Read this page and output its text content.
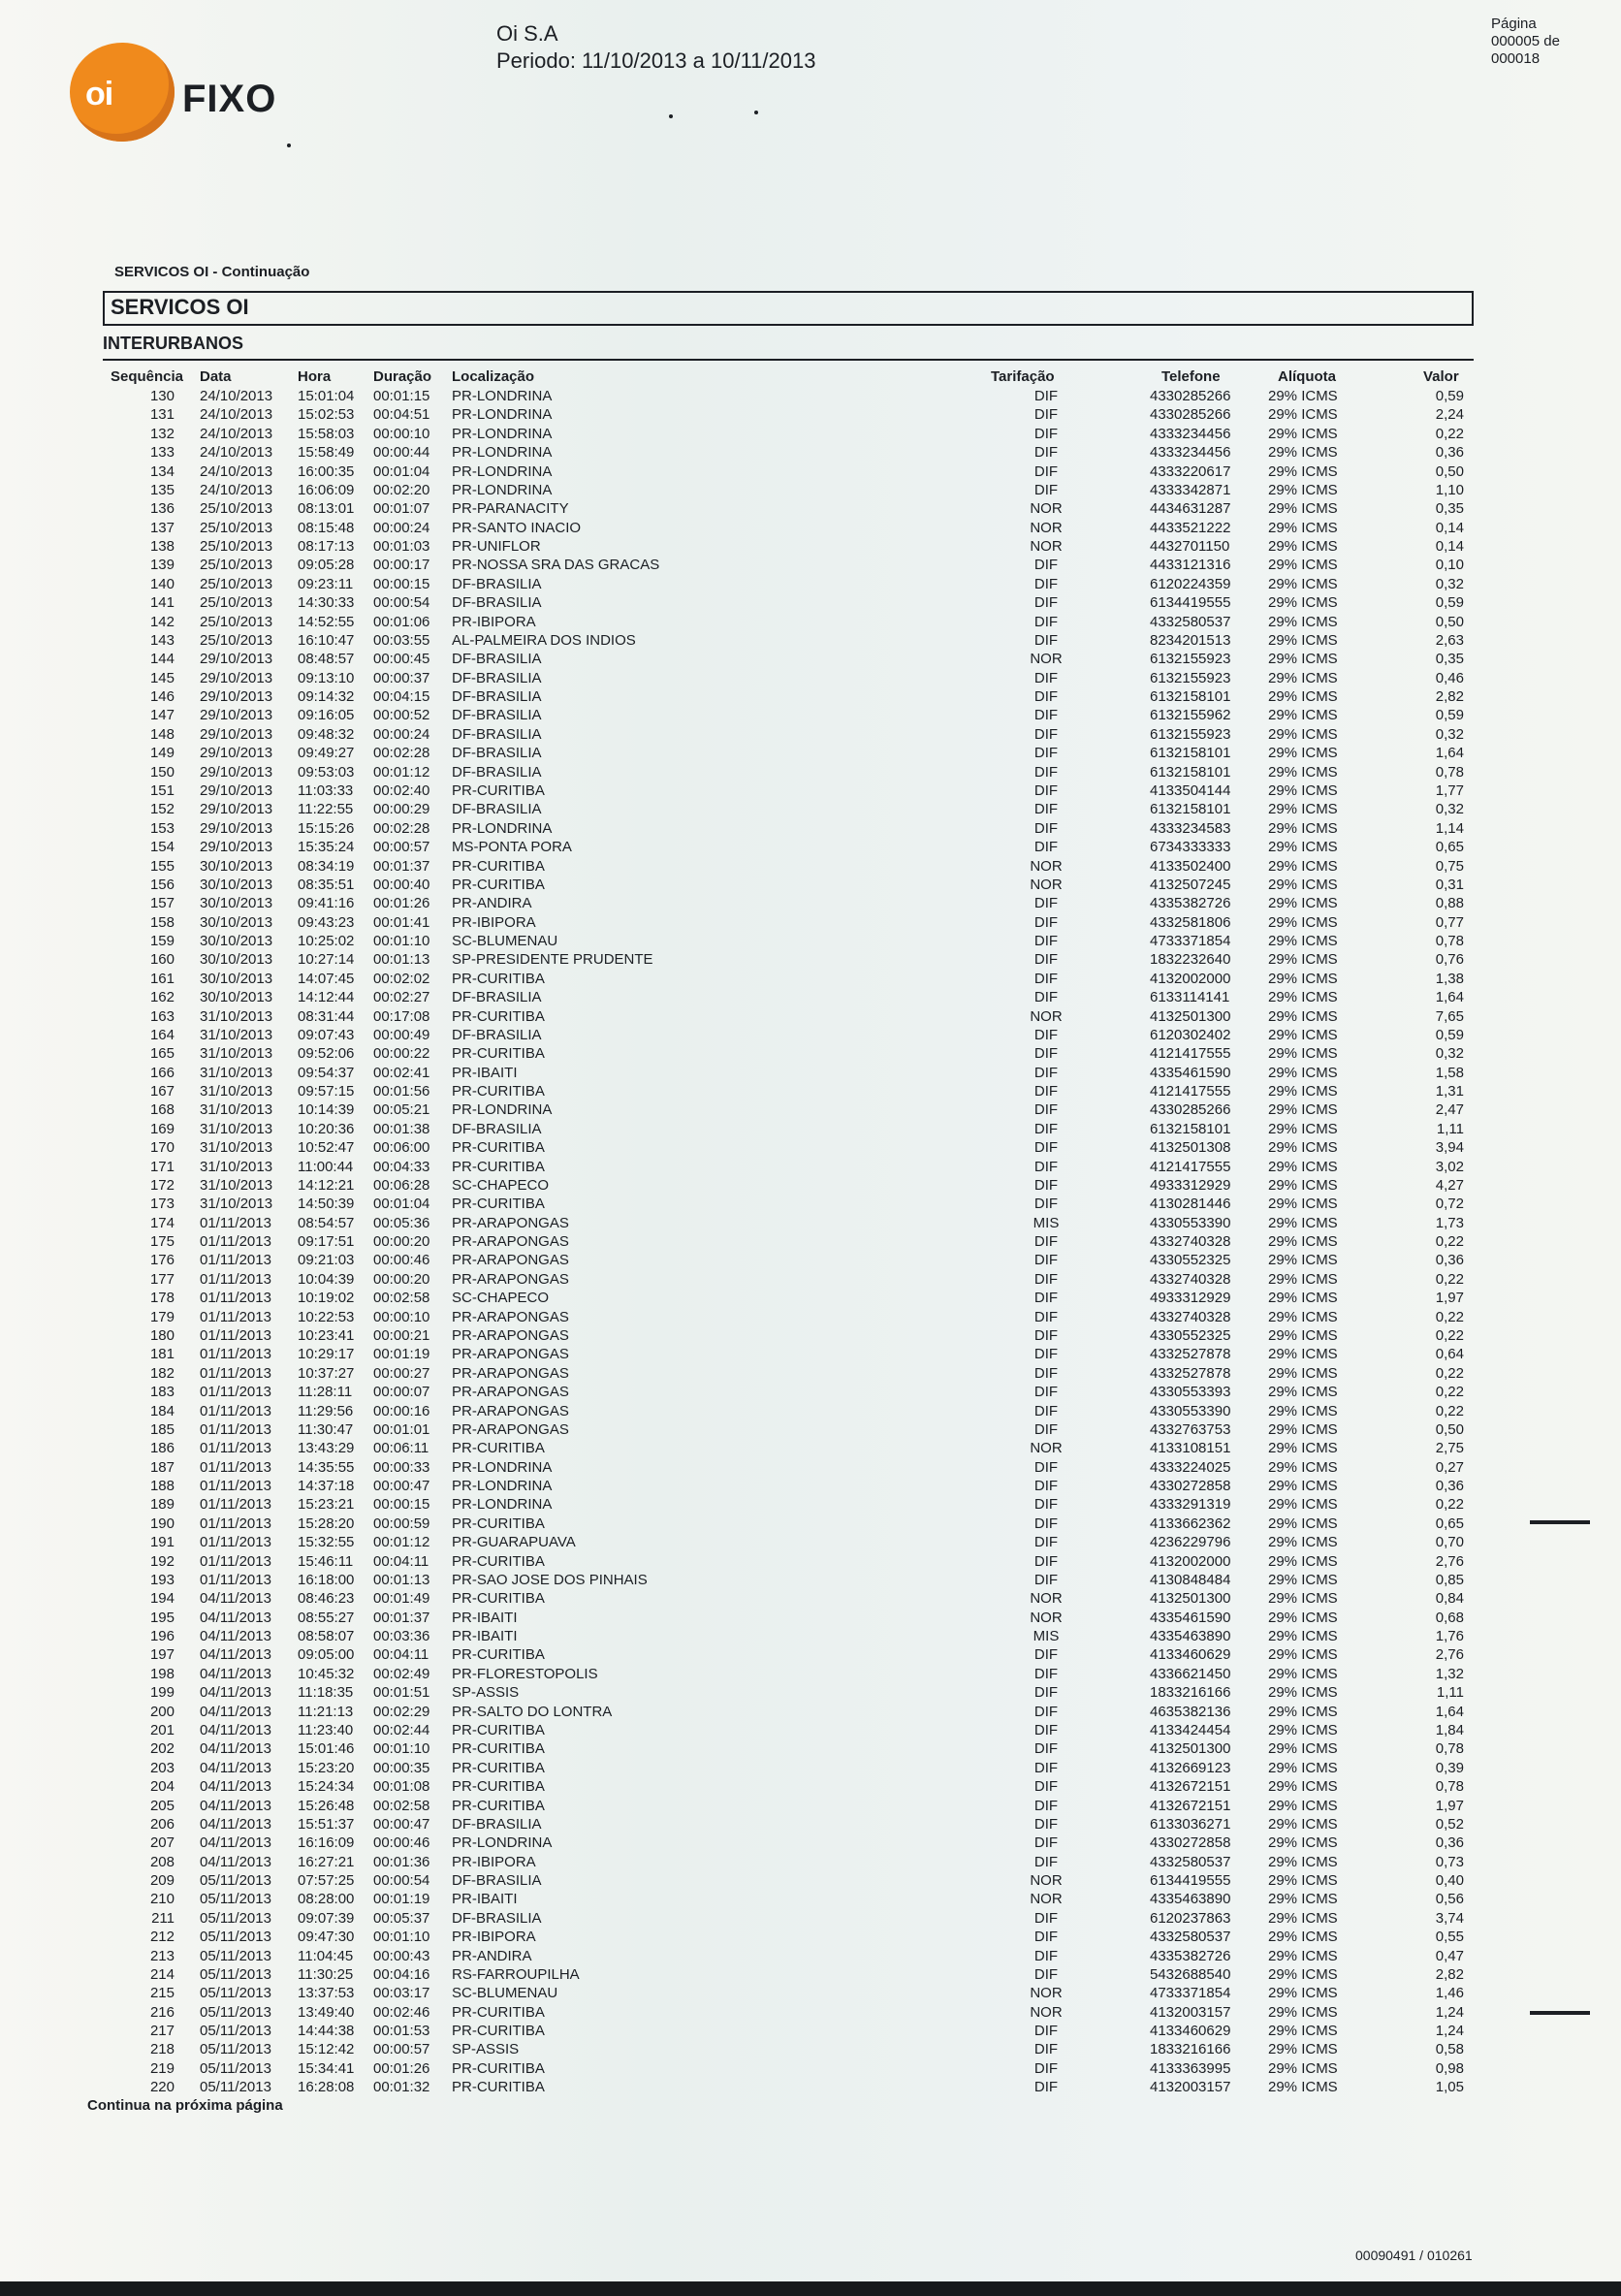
oi FIXO
Oi S.A
Periodo: 11/10/2013 a 10/11/2013
Página
000005 de
000018
SERVICOS OI - Continuação
SERVICOS OI
INTERURBANOS
Sequência Data	Hora	Duração Localização	Tarifação	Telefone	Alíquota	Valor
130 24/10/2013 15:01:04 00:01:15 PR-LONDRINA	DIF	4330285266	29% ICMS	0,59
131 24/10/2013 15:02:53 00:04:51 PR-LONDRINA	DIF	4330285266	29% ICMS	2,24
132 24/10/2013 15:58:03 00:00:10 PR-LONDRINA	DIF	4333234456	29% ICMS	0,22
133 24/10/2013 15:58:49 00:00:44 PR-LONDRINA	DIF	4333234456	29% ICMS	0,36
134 24/10/2013 16:00:35 00:01:04 PR-LONDRINA	DIF	4333220617	29% ICMS	0,50
135 24/10/2013 16:06:09 00:02:20 PR-LONDRINA	DIF	4333342871	29% ICMS	1,10
136 25/10/2013 08:13:01 00:01:07 PR-PARANACITY	NOR	4434631287	29% ICMS	0,35
137 25/10/2013 08:15:48 00:00:24 PR-SANTO INACIO	NOR	4433521222	29% ICMS	0,14
138 25/10/2013 08:17:13 00:01:03 PR-UNIFLOR	NOR	4432701150	29% ICMS	0,14
139 25/10/2013 09:05:28 00:00:17 PR-NOSSA SRA DAS GRACAS	DIF	4433121316	29% ICMS	0,10
140 25/10/2013 09:23:11 00:00:15 DF-BRASILIA	DIF	6120224359	29% ICMS	0,32
141 25/10/2013 14:30:33 00:00:54 DF-BRASILIA	DIF	6134419555	29% ICMS	0,59
142 25/10/2013 14:52:55 00:01:06 PR-IBIPORA	DIF	4332580537	29% ICMS	0,50
143 25/10/2013 16:10:47 00:03:55 AL-PALMEIRA DOS INDIOS	DIF	8234201513	29% ICMS	2,63
144 29/10/2013 08:48:57 00:00:45 DF-BRASILIA	NOR	6132155923	29% ICMS	0,35
145 29/10/2013 09:13:10 00:00:37 DF-BRASILIA	DIF	6132155923	29% ICMS	0,46
146 29/10/2013 09:14:32 00:04:15 DF-BRASILIA	DIF	6132158101	29% ICMS	2,82
147 29/10/2013 09:16:05 00:00:52 DF-BRASILIA	DIF	6132155962	29% ICMS	0,59
148 29/10/2013 09:48:32 00:00:24 DF-BRASILIA	DIF	6132155923	29% ICMS	0,32
149 29/10/2013 09:49:27 00:02:28 DF-BRASILIA	DIF	6132158101	29% ICMS	1,64
150 29/10/2013 09:53:03 00:01:12 DF-BRASILIA	DIF	6132158101	29% ICMS	0,78
151 29/10/2013 11:03:33 00:02:40 PR-CURITIBA	DIF	4133504144	29% ICMS	1,77
152 29/10/2013 11:22:55 00:00:29 DF-BRASILIA	DIF	6132158101	29% ICMS	0,32
153 29/10/2013 15:15:26 00:02:28 PR-LONDRINA	DIF	4333234583	29% ICMS	1,14
154 29/10/2013 15:35:24 00:00:57 MS-PONTA PORA	DIF	6734333333	29% ICMS	0,65
155 30/10/2013 08:34:19 00:01:37 PR-CURITIBA	NOR	4133502400	29% ICMS	0,75
156 30/10/2013 08:35:51 00:00:40 PR-CURITIBA	NOR	4132507245	29% ICMS	0,31
157 30/10/2013 09:41:16 00:01:26 PR-ANDIRA	DIF	4335382726	29% ICMS	0,88
158 30/10/2013 09:43:23 00:01:41 PR-IBIPORA	DIF	4332581806	29% ICMS	0,77
159 30/10/2013 10:25:02 00:01:10 SC-BLUMENAU	DIF	4733371854	29% ICMS	0,78
160 30/10/2013 10:27:14 00:01:13 SP-PRESIDENTE PRUDENTE	DIF	1832232640	29% ICMS	0,76
161 30/10/2013 14:07:45 00:02:02 PR-CURITIBA	DIF	4132002000	29% ICMS	1,38
162 30/10/2013 14:12:44 00:02:27 DF-BRASILIA	DIF	6133114141	29% ICMS	1,64
163 31/10/2013 08:31:44 00:17:08 PR-CURITIBA	NOR	4132501300	29% ICMS	7,65
164 31/10/2013 09:07:43 00:00:49 DF-BRASILIA	DIF	6120302402	29% ICMS	0,59
165 31/10/2013 09:52:06 00:00:22 PR-CURITIBA	DIF	4121417555	29% ICMS	0,32
166 31/10/2013 09:54:37 00:02:41 PR-IBAITI	DIF	4335461590	29% ICMS	1,58
167 31/10/2013 09:57:15 00:01:56 PR-CURITIBA	DIF	4121417555	29% ICMS	1,31
168 31/10/2013 10:14:39 00:05:21 PR-LONDRINA	DIF	4330285266	29% ICMS	2,47
169 31/10/2013 10:20:36 00:01:38 DF-BRASILIA	DIF	6132158101	29% ICMS	1,11
170 31/10/2013 10:52:47 00:06:00 PR-CURITIBA	DIF	4132501308	29% ICMS	3,94
171 31/10/2013 11:00:44 00:04:33 PR-CURITIBA	DIF	4121417555	29% ICMS	3,02
172 31/10/2013 14:12:21 00:06:28 SC-CHAPECO	DIF	4933312929	29% ICMS	4,27
173 31/10/2013 14:50:39 00:01:04 PR-CURITIBA	DIF	4130281446	29% ICMS	0,72
174 01/11/2013 08:54:57 00:05:36 PR-ARAPONGAS	MIS	4330553390	29% ICMS	1,73
175 01/11/2013 09:17:51 00:00:20 PR-ARAPONGAS	DIF	4332740328	29% ICMS	0,22
176 01/11/2013 09:21:03 00:00:46 PR-ARAPONGAS	DIF	4330552325	29% ICMS	0,36
177 01/11/2013 10:04:39 00:00:20 PR-ARAPONGAS	DIF	4332740328	29% ICMS	0,22
178 01/11/2013 10:19:02 00:02:58 SC-CHAPECO	DIF	4933312929	29% ICMS	1,97
179 01/11/2013 10:22:53 00:00:10 PR-ARAPONGAS	DIF	4332740328	29% ICMS	0,22
180 01/11/2013 10:23:41 00:00:21 PR-ARAPONGAS	DIF	4330552325	29% ICMS	0,22
181 01/11/2013 10:29:17 00:01:19 PR-ARAPONGAS	DIF	4332527878	29% ICMS	0,64
182 01/11/2013 10:37:27 00:00:27 PR-ARAPONGAS	DIF	4332527878	29% ICMS	0,22
183 01/11/2013 11:28:11 00:00:07 PR-ARAPONGAS	DIF	4330553393	29% ICMS	0,22
184 01/11/2013 11:29:56 00:00:16 PR-ARAPONGAS	DIF	4330553390	29% ICMS	0,22
185 01/11/2013 11:30:47 00:01:01 PR-ARAPONGAS	DIF	4332763753	29% ICMS	0,50
186 01/11/2013 13:43:29 00:06:11 PR-CURITIBA	NOR	4133108151	29% ICMS	2,75
187 01/11/2013 14:35:55 00:00:33 PR-LONDRINA	DIF	4333224025	29% ICMS	0,27
188 01/11/2013 14:37:18 00:00:47 PR-LONDRINA	DIF	4330272858	29% ICMS	0,36
189 01/11/2013 15:23:21 00:00:15 PR-LONDRINA	DIF	4333291319	29% ICMS	0,22
190 01/11/2013 15:28:20 00:00:59 PR-CURITIBA	DIF	4133662362	29% ICMS	0,65
191 01/11/2013 15:32:55 00:01:12 PR-GUARAPUAVA	DIF	4236229796	29% ICMS	0,70
192 01/11/2013 15:46:11 00:04:11 PR-CURITIBA	DIF	4132002000	29% ICMS	2,76
193 01/11/2013 16:18:00 00:01:13 PR-SAO JOSE DOS PINHAIS	DIF	4130848484	29% ICMS	0,85
194 04/11/2013 08:46:23 00:01:49 PR-CURITIBA	NOR	4132501300	29% ICMS	0,84
195 04/11/2013 08:55:27 00:01:37 PR-IBAITI	NOR	4335461590	29% ICMS	0,68
196 04/11/2013 08:58:07 00:03:36 PR-IBAITI	MIS	4335463890	29% ICMS	1,76
197 04/11/2013 09:05:00 00:04:11 PR-CURITIBA	DIF	4133460629	29% ICMS	2,76
198 04/11/2013 10:45:32 00:02:49 PR-FLORESTOPOLIS	DIF	4336621450	29% ICMS	1,32
199 04/11/2013 11:18:35 00:01:51 SP-ASSIS	DIF	1833216166	29% ICMS	1,11
200 04/11/2013 11:21:13 00:02:29 PR-SALTO DO LONTRA	DIF	4635382136	29% ICMS	1,64
201 04/11/2013 11:23:40 00:02:44 PR-CURITIBA	DIF	4133424454	29% ICMS	1,84
202 04/11/2013 15:01:46 00:01:10 PR-CURITIBA	DIF	4132501300	29% ICMS	0,78
203 04/11/2013 15:23:20 00:00:35 PR-CURITIBA	DIF	4132669123	29% ICMS	0,39
204 04/11/2013 15:24:34 00:01:08 PR-CURITIBA	DIF	4132672151	29% ICMS	0,78
205 04/11/2013 15:26:48 00:02:58 PR-CURITIBA	DIF	4132672151	29% ICMS	1,97
206 04/11/2013 15:51:37 00:00:47 DF-BRASILIA	DIF	6133036271	29% ICMS	0,52
207 04/11/2013 16:16:09 00:00:46 PR-LONDRINA	DIF	4330272858	29% ICMS	0,36
208 04/11/2013 16:27:21 00:01:36 PR-IBIPORA	DIF	4332580537	29% ICMS	0,73
209 05/11/2013 07:57:25 00:00:54 DF-BRASILIA	NOR	6134419555	29% ICMS	0,40
210 05/11/2013 08:28:00 00:01:19 PR-IBAITI	NOR	4335463890	29% ICMS	0,56
211 05/11/2013 09:07:39 00:05:37 DF-BRASILIA	DIF	6120237863	29% ICMS	3,74
212 05/11/2013 09:47:30 00:01:10 PR-IBIPORA	DIF	4332580537	29% ICMS	0,55
213 05/11/2013 11:04:45 00:00:43 PR-ANDIRA	DIF	4335382726	29% ICMS	0,47
214 05/11/2013 11:30:25 00:04:16 RS-FARROUPILHA	DIF	5432688540	29% ICMS	2,82
215 05/11/2013 13:37:53 00:03:17 SC-BLUMENAU	NOR	4733371854	29% ICMS	1,46
216 05/11/2013 13:49:40 00:02:46 PR-CURITIBA	NOR	4132003157	29% ICMS	1,24
217 05/11/2013 14:44:38 00:01:53 PR-CURITIBA	DIF	4133460629	29% ICMS	1,24
218 05/11/2013 15:12:42 00:00:57 SP-ASSIS	DIF	1833216166	29% ICMS	0,58
219 05/11/2013 15:34:41 00:01:26 PR-CURITIBA	DIF	4133363995	29% ICMS	0,98
220 05/11/2013 16:28:08 00:01:32 PR-CURITIBA	DIF	4132003157	29% ICMS	1,05
Continua na próxima página
00090491 / 010261
